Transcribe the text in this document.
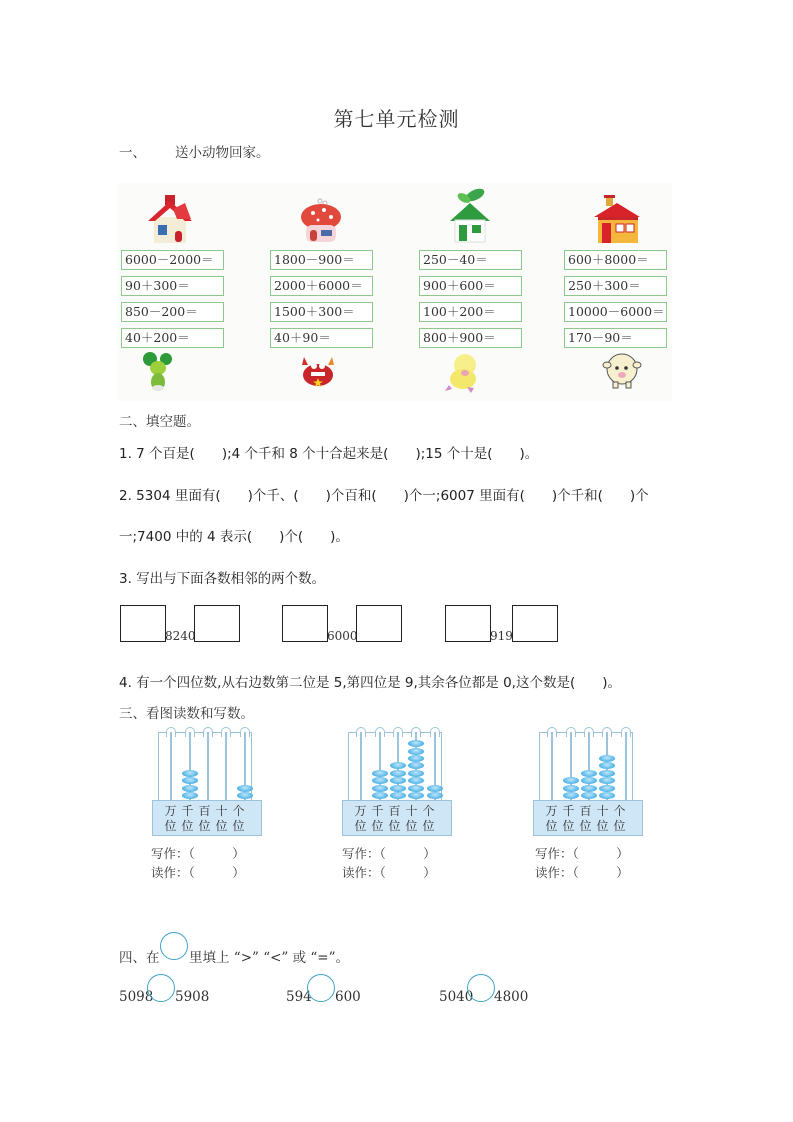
第七单元检测
一、 送小动物回家。
6000－2000＝
90＋300＝
850－200＝
40＋200＝
1800－900＝
2000＋6000＝
1500＋300＝
40＋90＝
250－40＝
900＋600＝
100＋200＝
800＋900＝
600＋8000＝
250＋300＝
10000－6000＝
170－90＝
二、填空题。
1. 7 个百是(　　);4 个千和 8 个十合起来是(　　);15 个十是(　　)。
2. 5304 里面有(　　)个千、(　　)个百和(　　)个一;6007 里面有(　　)个千和(　　)个
一;7400 中的 4 表示(　　)个(　　)。
3. 写出与下面各数相邻的两个数。
8240	6000	919
4. 有一个四位数,从右边数第二位是 5,第四位是 9,其余各位都是 0,这个数是(　　)。
三、看图读数和写数。
万千百十个
位位位位位
写作：（　　　）
读作：（　　　）
万千百十个
位位位位位
写作：（　　　）
读作：（　　　）
万千百十个
位位位位位
写作：（　　　）
读作：（　　　）
四、在 里填上 “>” “<” 或 “=”。
5098 5908	594 600	5040 4800
